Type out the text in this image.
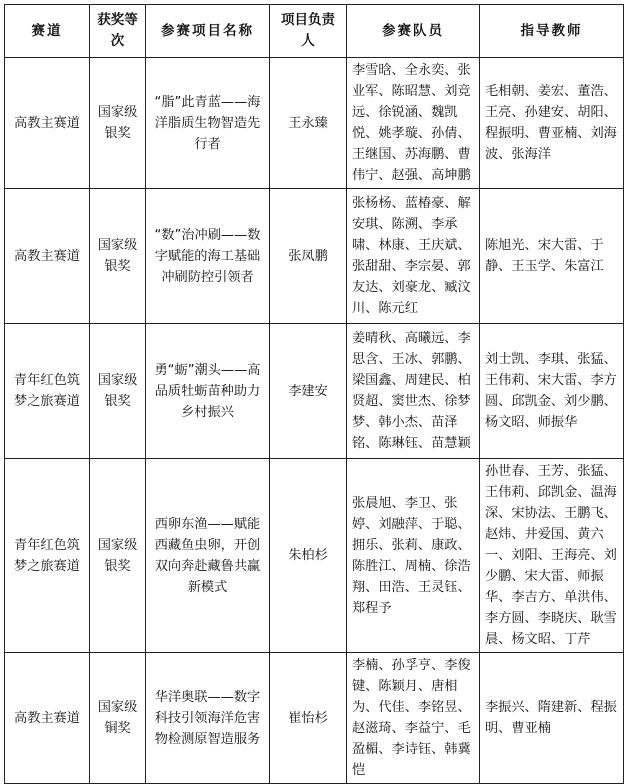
赛道	获奖等次	参赛项目名称	项目负责人	参赛队员	指导教师
高教主赛道	国家级银奖	“脂”此青蓝——海洋脂质生物智造先行者	王永臻	李雪晗、全永奕、张业军、陈昭慧、刘竞远、徐锐涵、魏凯悦、姚孝璇、孙倩、王继国、苏海鹏、曹伟宁、赵强、高坤鹏	毛相朝、姜宏、董浩、王亮、孙建安、胡阳、程振明、曹亚楠、刘海波、张海洋
高教主赛道	国家级银奖	“数”治冲刷——数字赋能的海工基础冲刷防控引领者	张凤鹏	张杨杨、蓝椿豪、解安琪、陈溯、李承啸、林康、王庆斌、张甜甜、李宗晏、郭友达、刘豪龙、臧汶川、陈元红	陈旭光、宋大雷、于静、王玉学、朱富江
青年红色筑梦之旅赛道	国家级银奖	勇“蛎”潮头——高品质牡蛎苗种助力乡村振兴	李建安	姜晴秋、高曦远、李思含、王冰、郭鹏、梁国鑫、周建民、柏贤超、窦世杰、徐梦梦、韩小杰、苗泽铭、陈琳钰、苗慧颖	刘士凯、李琪、张猛、王伟莉、宋大雷、李方圆、邱凯金、刘少鹏、杨文昭、师振华
青年红色筑梦之旅赛道	国家级银奖	西卵东渔——赋能西藏鱼虫卵，开创双向奔赴藏鲁共赢新模式	朱柏杉	张晨旭、李卫、张婷、刘融萍、于聪、拥乐、张莉、康政、陈胜江、周楠、徐浩翔、田浩、王灵钰、郑程予	孙世春、王芳、张猛、王伟莉、邱凯金、温海深、宋协法、王鹏飞、赵炜、井爱国、黄六一、刘阳、王海亮、刘少鹏、宋大雷、师振华、李吉方、单洪伟、李方圆、李晓庆、耿雪晨、杨文昭、丁芹
高教主赛道	国家级铜奖	华洋奥联——数字科技引领海洋危害物检测原智造服务	崔怡杉	李楠、孙孚亨、李俊键、陈颖月、唐相为、代佳、李铭昱、赵滋琦、李益宁、毛盈楣、李诗钰、韩冀恺	李振兴、隋建新、程振明、曹亚楠
